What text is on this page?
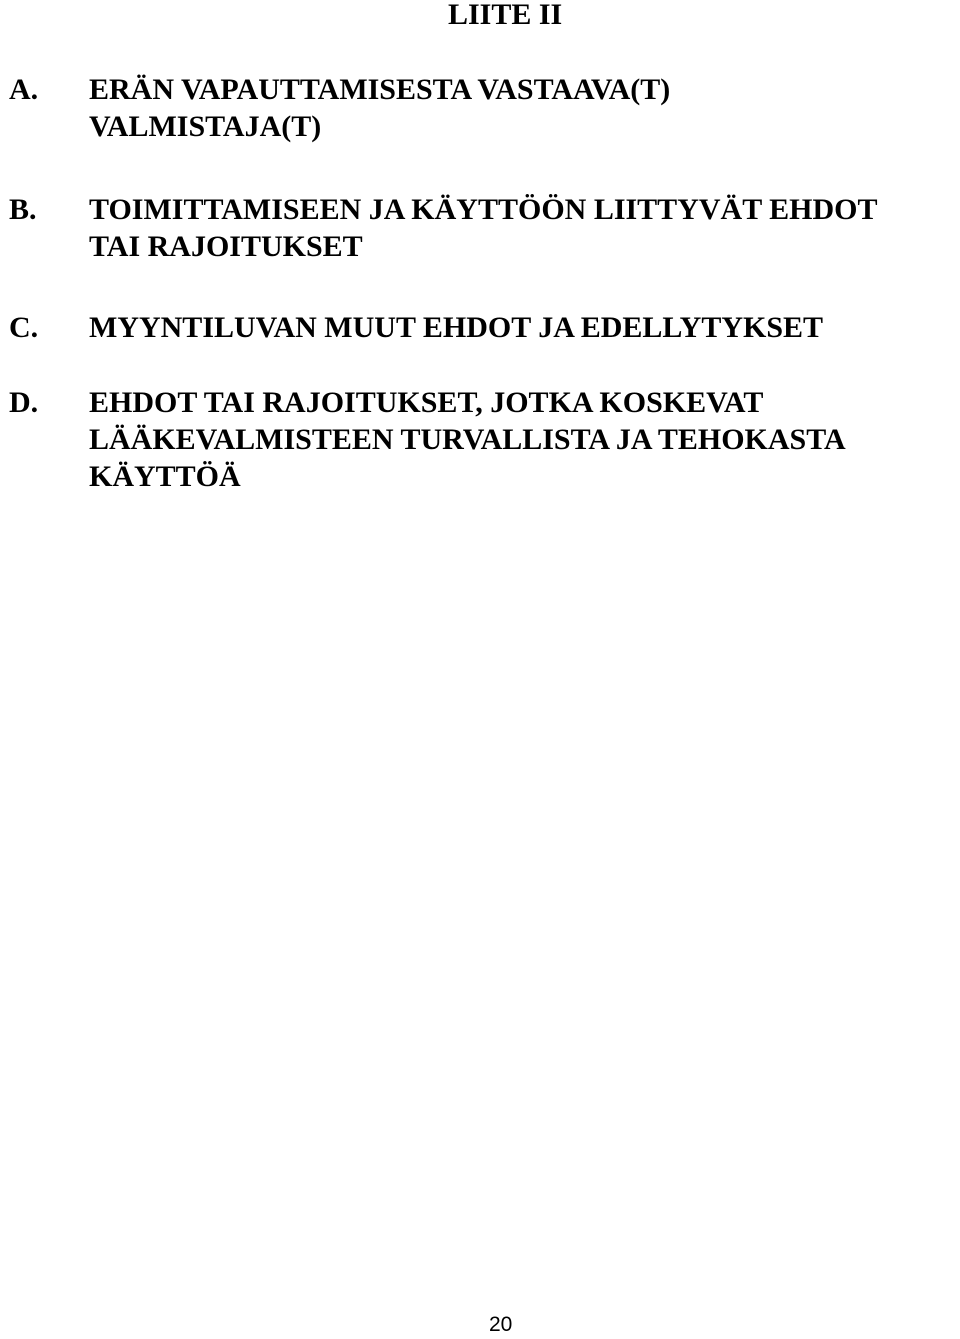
LIITE II
A. ERÄN VAPAUTTAMISESTA VASTAAVA(T)
VALMISTAJA(T)
B. TOIMITTAMISEEN JA KÄYTTÖÖN LIITTYVÄT EHDOT
TAI RAJOITUKSET
C. MYYNTILUVAN MUUT EHDOT JA EDELLYTYKSET
D. EHDOT TAI RAJOITUKSET, JOTKA KOSKEVAT
LÄÄKEVALMISTEEN TURVALLISTA JA TEHOKASTA
KÄYTTÖÄ
20
